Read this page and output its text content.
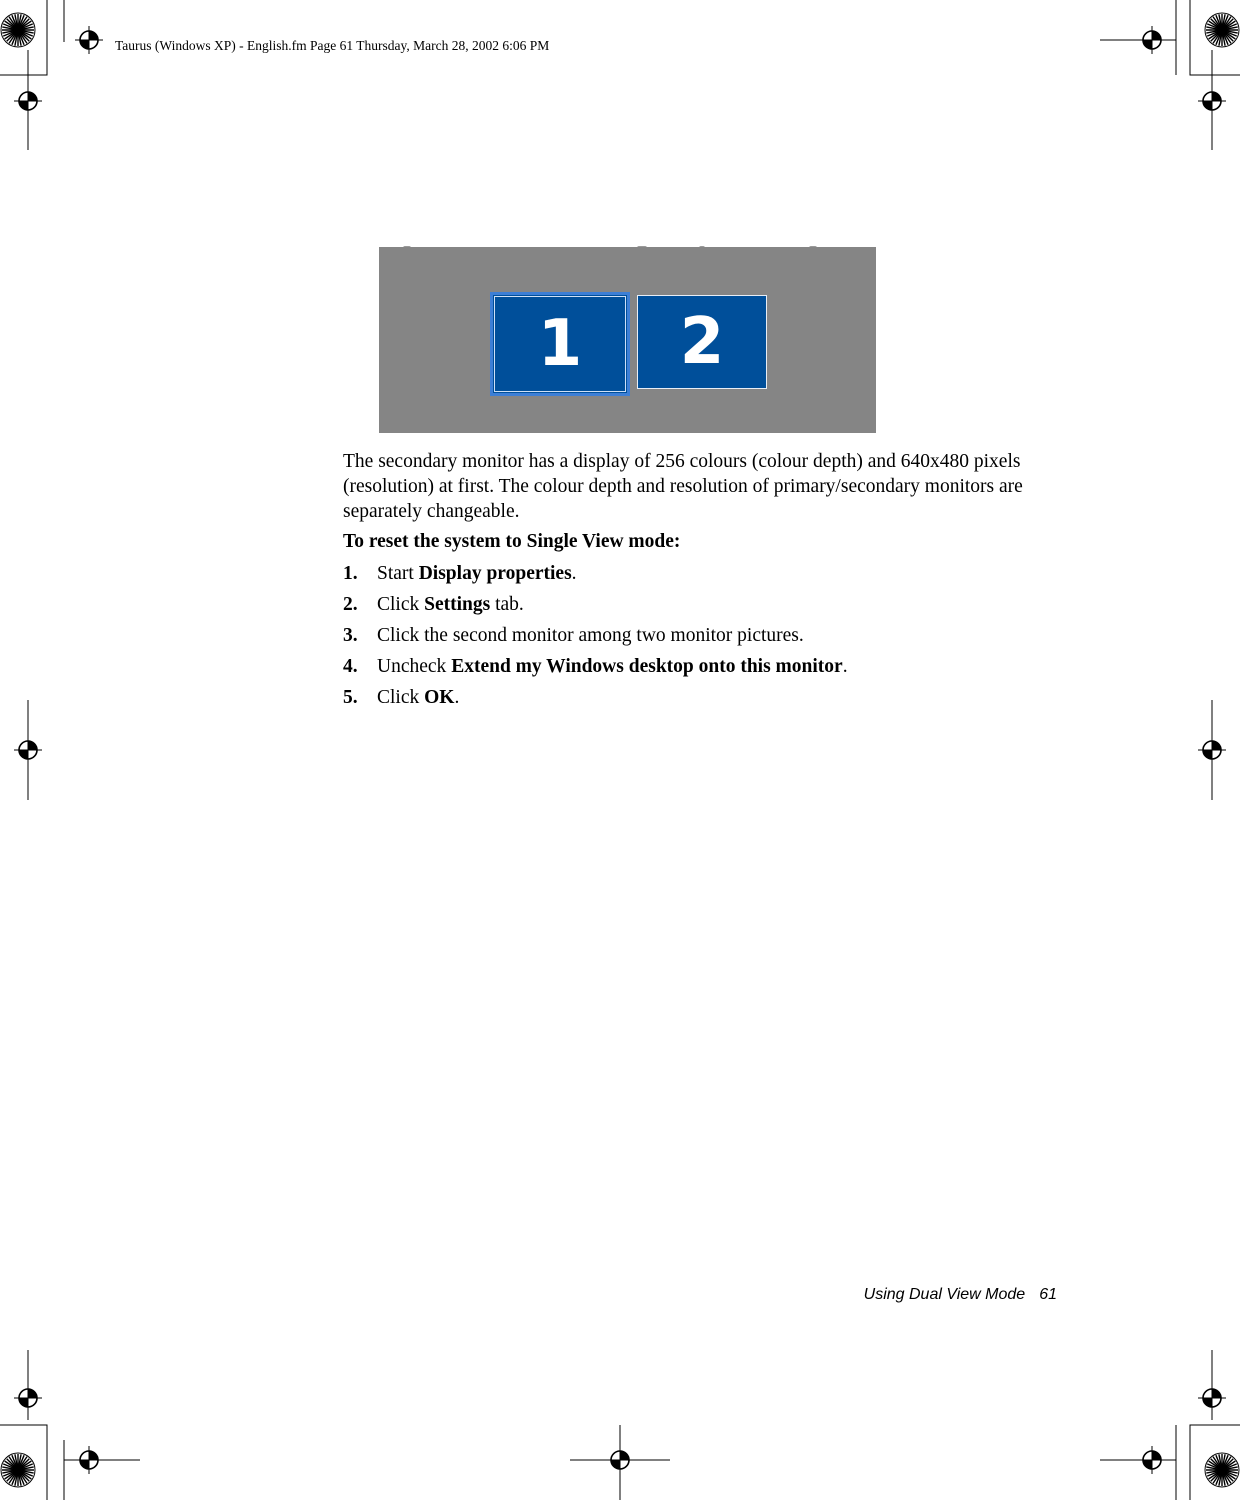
Taurus (Windows XP) - English.fm Page 61 Thursday, March 28, 2002 6:06 PM
1	2

The secondary monitor has a display of 256 colours (colour depth) and 640x480 pixels (resolution) at first. The colour depth and resolution of primary/secondary monitors are separately changeable.

To reset the system to Single View mode:

1. Start Display properties.
2. Click Settings tab.
3. Click the second monitor among two monitor pictures.
4. Uncheck Extend my Windows desktop onto this monitor.
5. Click OK.
Using Dual View Mode 61
